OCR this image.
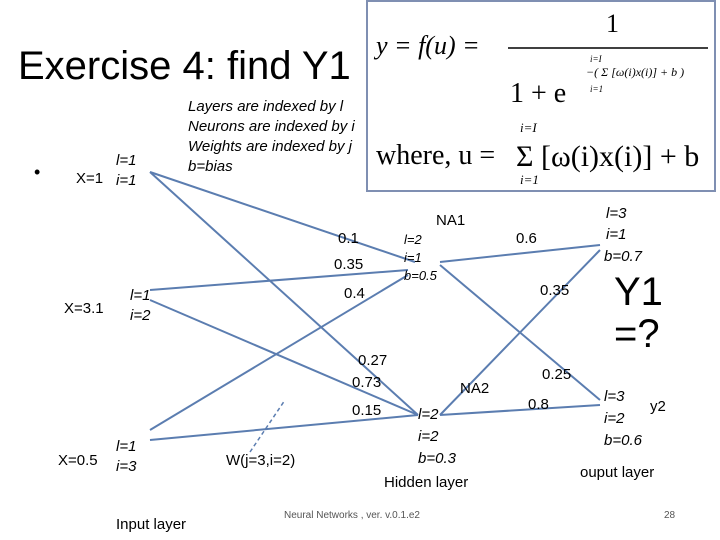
Exercise 4: find Y1 y = f(u) =
1
1 + e
−( Σ [ω(i)x(i)] + b )
i=I
i=1
where, u =
i=I
i=1
Σ [ω(i)x(i)] + b
Layers are indexed by l
Neurons are indexed by i
Weights are indexed by j
b=bias
• X=1
l=1
i=1
X=3.1
l=1
i=2
X=0.5
l=1
i=3
0.1
0.35
0.4
0.27
0.73
0.15
NA1
l=2
i=1
b=0.5
NA2
l=2
i=2
b=0.3
0.6
0.35
0.25
0.8
l=3
i=1
b=0.7
Y1
=?
l=3
i=2
b=0.6
y2
Input layer
Hidden layer
ouput layer
W(j=3,i=2)
Neural Networks , ver. v.0.1.e2	28
